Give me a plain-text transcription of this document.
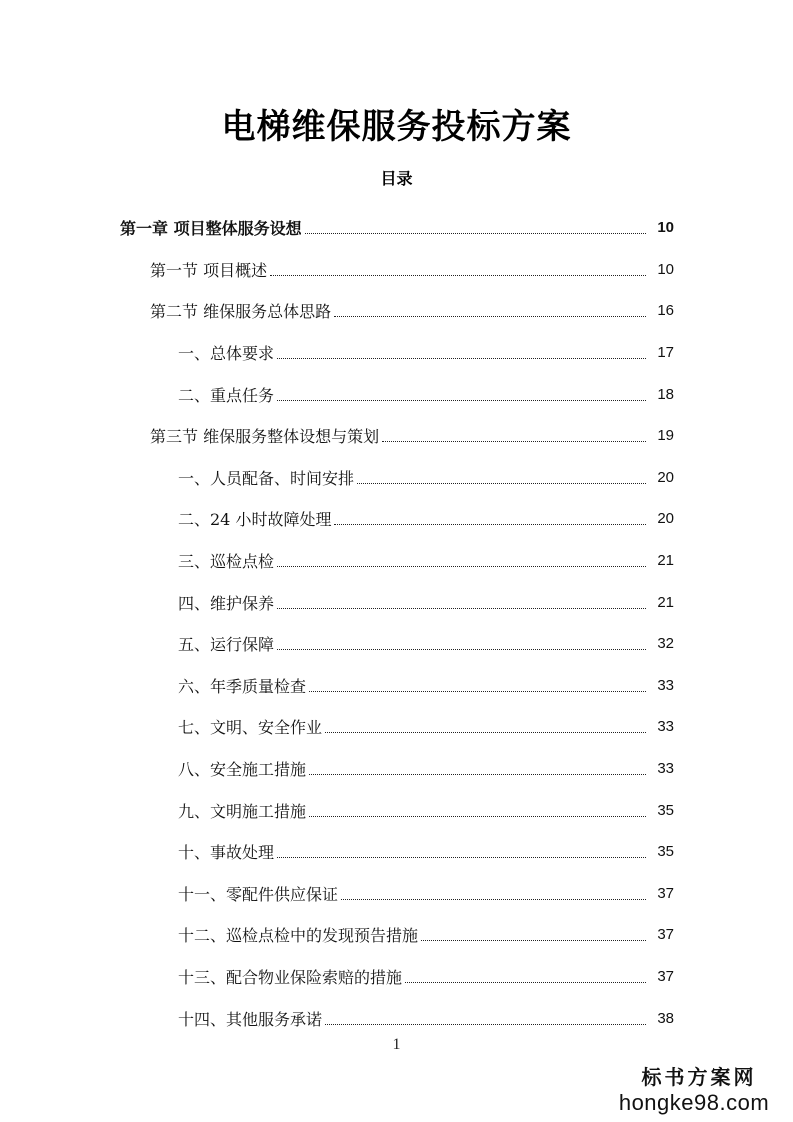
电梯维保服务投标方案
目录
第一章 项目整体服务设想	10
第一节 项目概述	10
第二节 维保服务总体思路	16
一、总体要求	17
二、重点任务	18
第三节 维保服务整体设想与策划	19
一、人员配备、时间安排	20
二、24 小时故障处理	20
三、巡检点检	21
四、维护保养	21
五、运行保障	32
六、年季质量检查	33
七、文明、安全作业	33
八、安全施工措施	33
九、文明施工措施	35
十、事故处理	35
十一、零配件供应保证	37
十二、巡检点检中的发现预告措施	37
十三、配合物业保险索赔的措施	37
十四、其他服务承诺	38
1
标书方案网
hongke98.com
